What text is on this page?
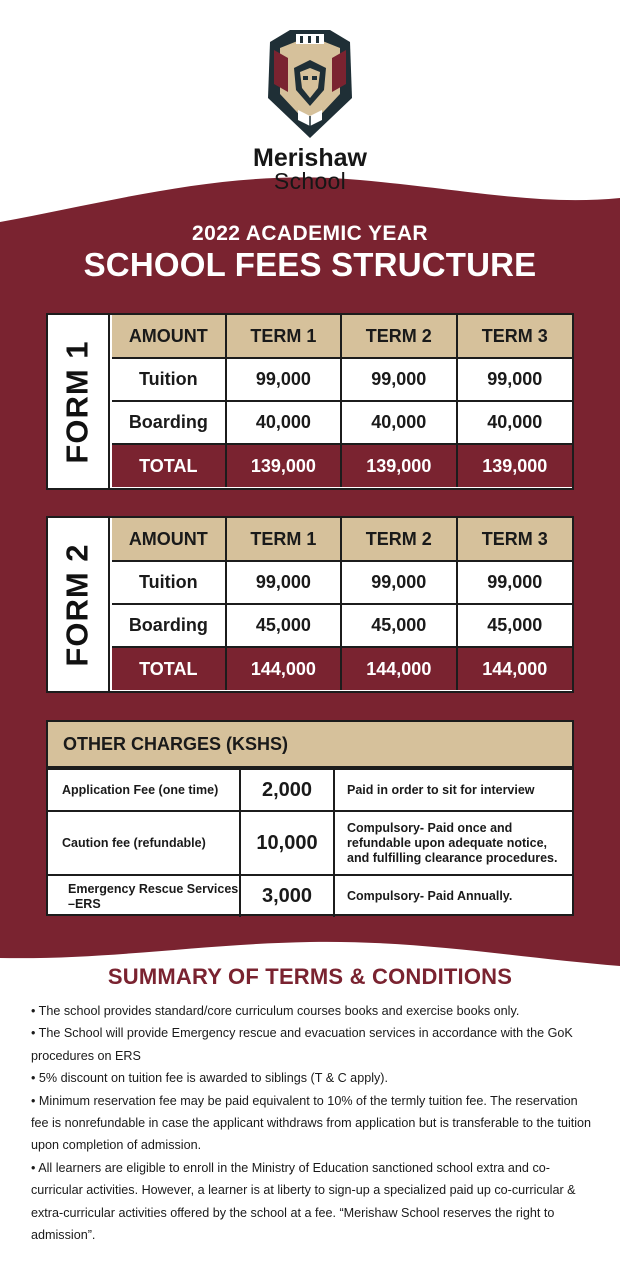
Merishaw
School
2022 ACADEMIC YEAR
SCHOOL FEES STRUCTURE
FORM 1
AMOUNT	TERM 1	TERM 2	TERM 3
Tuition	99,000	99,000	99,000
Boarding	40,000	40,000	40,000
TOTAL	139,000	139,000	139,000
FORM 2
AMOUNT	TERM 1	TERM 2	TERM 3
Tuition	99,000	99,000	99,000
Boarding	45,000	45,000	45,000
TOTAL	144,000	144,000	144,000
OTHER CHARGES (KSHS)
Application Fee (one time)	2,000	Paid in order to sit for interview
Caution fee (refundable)	10,000	Compulsory- Paid once and refundable upon adequate notice, and fulfilling clearance procedures.
Emergency Rescue Services –ERS	3,000	Compulsory- Paid Annually.
SUMMARY OF TERMS & CONDITIONS

• The school provides standard/core curriculum courses books and exercise books only.

• The School will provide Emergency rescue and evacuation services in accordance with the GoK procedures on ERS

• 5% discount on tuition fee is awarded to siblings (T & C apply).

• Minimum reservation fee may be paid equivalent to 10% of the termly tuition fee. The reservation fee is nonrefundable in case the applicant withdraws from application but is transferable to the tuition upon completion of admission.

• All learners are eligible to enroll in the Ministry of Education sanctioned school extra and co-curricular activities. However, a learner is at liberty to sign-up a specialized paid up co-curricular & extra-curricular activities offered by the school at a fee. “Merishaw School reserves the right to admission”.
